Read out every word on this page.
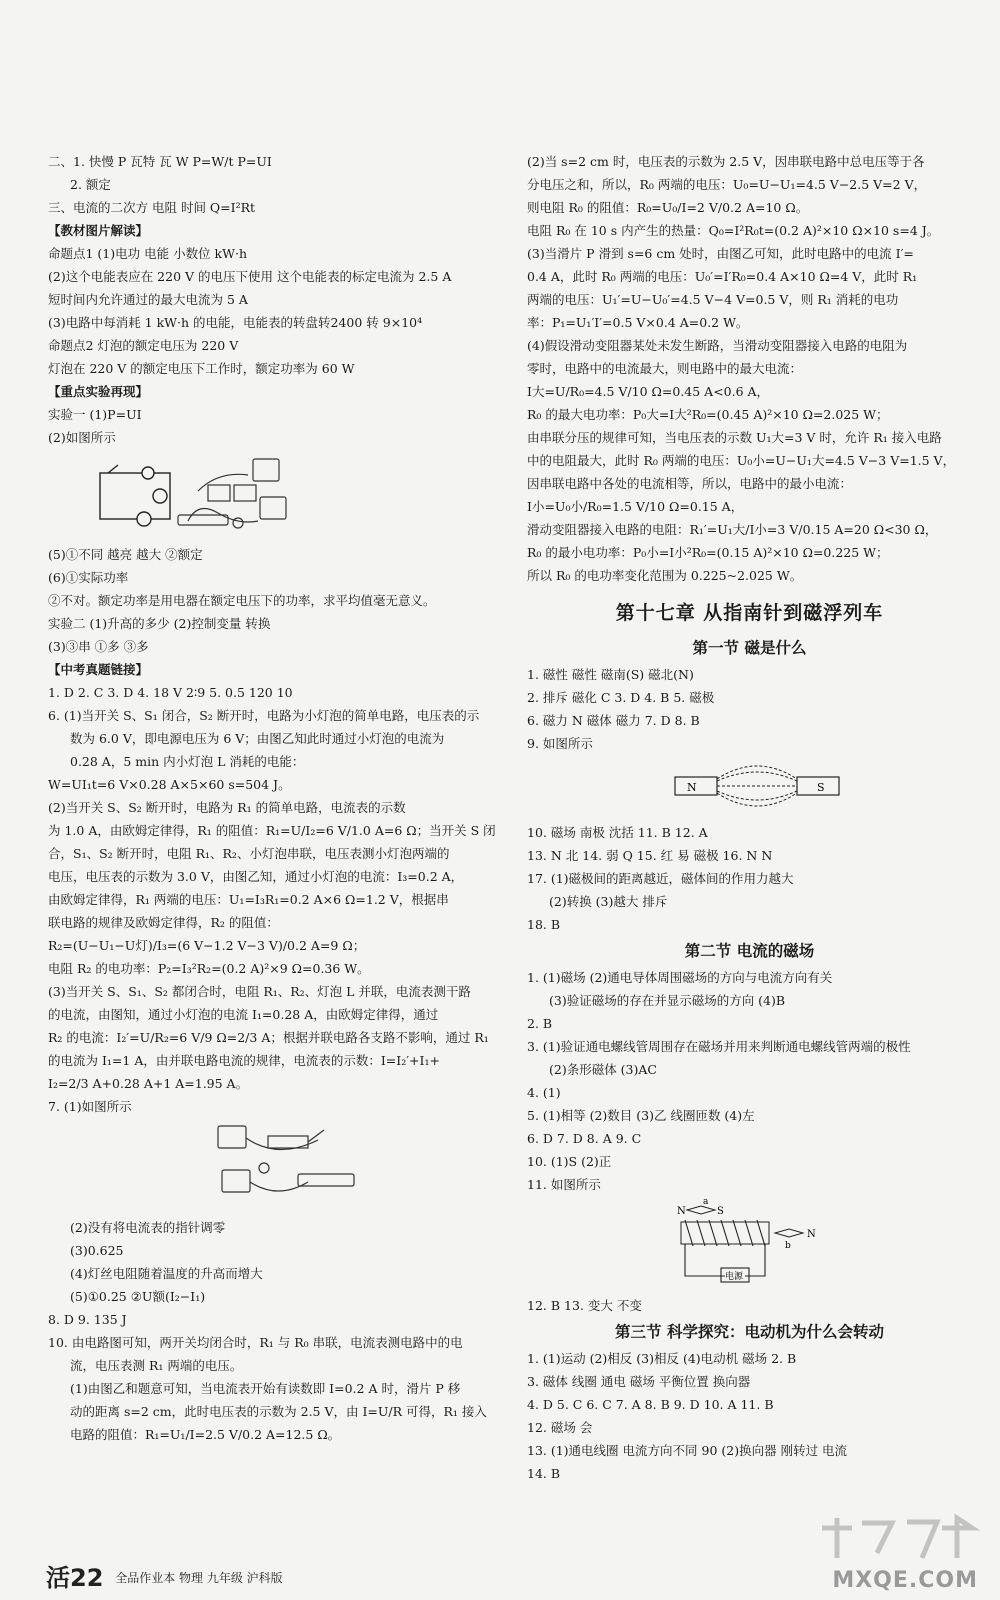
二、1. 快慢 P 瓦特 瓦 W P=W/t P=UI
2. 额定
三、电流的二次方 电阻 时间 Q=I²Rt
【教材图片解读】
命题点1 (1)电功 电能 小数位 kW·h
(2)这个电能表应在 220 V 的电压下使用 这个电能表的标定电流为 2.5 A
短时间内允许通过的最大电流为 5 A
(3)电路中每消耗 1 kW·h 的电能，电能表的转盘转2400 转 9×10⁴
命题点2 灯泡的额定电压为 220 V
灯泡在 220 V 的额定电压下工作时，额定功率为 60 W
【重点实验再现】
实验一 (1)P=UI
(2)如图所示
(5)①不同 越亮 越大 ②额定
(6)①实际功率
②不对。额定功率是用电器在额定电压下的功率，求平均值毫无意义。
实验二 (1)升高的多少 (2)控制变量 转换
(3)③串 ①多 ③多
【中考真题链接】
1. D 2. C 3. D 4. 18 V 2∶9 5. 0.5 120 10
6. (1)当开关 S、S₁ 闭合，S₂ 断开时，电路为小灯泡的简单电路，电压表的示
数为 6.0 V，即电源电压为 6 V；由图乙知此时通过小灯泡的电流为
0.28 A，5 min 内小灯泡 L 消耗的电能：
W=UI₁t=6 V×0.28 A×5×60 s=504 J。
(2)当开关 S、S₂ 断开时，电路为 R₁ 的简单电路，电流表的示数
为 1.0 A，由欧姆定律得，R₁ 的阻值：R₁=U/I₂=6 V/1.0 A=6 Ω；当开关 S 闭
合，S₁、S₂ 断开时，电阻 R₁、R₂、小灯泡串联，电压表测小灯泡两端的
电压，电压表的示数为 3.0 V，由图乙知，通过小灯泡的电流：I₃=0.2 A，
由欧姆定律得，R₁ 两端的电压：U₁=I₃R₁=0.2 A×6 Ω=1.2 V，根据串
联电路的规律及欧姆定律得，R₂ 的阻值：
R₂=(U−U₁−U灯)/I₃=(6 V−1.2 V−3 V)/0.2 A=9 Ω；
电阻 R₂ 的电功率：P₂=I₃²R₂=(0.2 A)²×9 Ω=0.36 W。
(3)当开关 S、S₁、S₂ 都闭合时，电阻 R₁、R₂、灯泡 L 并联，电流表测干路
的电流，由图知，通过小灯泡的电流 I₁=0.28 A，由欧姆定律得，通过
R₂ 的电流：I₂′=U/R₂=6 V/9 Ω=2/3 A；根据并联电路各支路不影响，通过 R₁
的电流为 I₁=1 A，由并联电路电流的规律，电流表的示数：I=I₂′+I₁+
I₂=2/3 A+0.28 A+1 A=1.95 A。
7. (1)如图所示
(2)没有将电流表的指针调零
(3)0.625
(4)灯丝电阻随着温度的升高而增大
(5)①0.25 ②U额(I₂−I₁)
8. D 9. 135 J
10. 由电路图可知，两开关均闭合时，R₁ 与 R₀ 串联，电流表测电路中的电
流，电压表测 R₁ 两端的电压。
(1)由图乙和题意可知，当电流表开始有读数即 I=0.2 A 时，滑片 P 移
动的距离 s=2 cm，此时电压表的示数为 2.5 V，由 I=U/R 可得，R₁ 接入
电路的阻值：R₁=U₁/I=2.5 V/0.2 A=12.5 Ω。
(2)当 s=2 cm 时，电压表的示数为 2.5 V，因串联电路中总电压等于各
分电压之和，所以，R₀ 两端的电压：U₀=U−U₁=4.5 V−2.5 V=2 V，
则电阻 R₀ 的阻值：R₀=U₀/I=2 V/0.2 A=10 Ω。
电阻 R₀ 在 10 s 内产生的热量：Q₀=I²R₀t=(0.2 A)²×10 Ω×10 s=4 J。
(3)当滑片 P 滑到 s=6 cm 处时，由图乙可知，此时电路中的电流 I′=
0.4 A，此时 R₀ 两端的电压：U₀′=I′R₀=0.4 A×10 Ω=4 V，此时 R₁
两端的电压：U₁′=U−U₀′=4.5 V−4 V=0.5 V，则 R₁ 消耗的电功
率：P₁=U₁′I′=0.5 V×0.4 A=0.2 W。
(4)假设滑动变阻器某处未发生断路，当滑动变阻器接入电路的电阻为
零时，电路中的电流最大，则电路中的最大电流：
I大=U/R₀=4.5 V/10 Ω=0.45 A<0.6 A，
R₀ 的最大电功率：P₀大=I大²R₀=(0.45 A)²×10 Ω=2.025 W；
由串联分压的规律可知，当电压表的示数 U₁大=3 V 时，允许 R₁ 接入电路
中的电阻最大，此时 R₀ 两端的电压：U₀小=U−U₁大=4.5 V−3 V=1.5 V，
因串联电路中各处的电流相等，所以，电路中的最小电流：
I小=U₀小/R₀=1.5 V/10 Ω=0.15 A，
滑动变阻器接入电路的电阻：R₁′=U₁大/I小=3 V/0.15 A=20 Ω<30 Ω，
R₀ 的最小电功率：P₀小=I小²R₀=(0.15 A)²×10 Ω=0.225 W；
所以 R₀ 的电功率变化范围为 0.225~2.025 W。
第十七章 从指南针到磁浮列车
第一节 磁是什么
1. 磁性 磁性 磁南(S) 磁北(N)
2. 排斥 磁化 C 3. D 4. B 5. 磁极
6. 磁力 N 磁体 磁力 7. D 8. B
9. 如图所示
N	S
10. 磁场 南极 沈括 11. B 12. A
13. N 北 14. 弱 Q 15. 红 易 磁极 16. N N
17. (1)磁极间的距离越近，磁体间的作用力越大
(2)转换 (3)越大 排斥
18. B
第二节 电流的磁场
1. (1)磁场 (2)通电导体周围磁场的方向与电流方向有关
(3)验证磁场的存在并显示磁场的方向 (4)B
2. B
3. (1)验证通电螺线管周围存在磁场并用来判断通电螺线管两端的极性
(2)条形磁体 (3)AC
4. (1)
5. (1)相等 (2)数目 (3)乙 线圈匝数 (4)左
6. D 7. D 8. A 9. C
10. (1)S (2)正
11. 如图所示
N
a
S
电源
N
b
12. B 13. 变大 不变
第三节 科学探究：电动机为什么会转动
1. (1)运动 (2)相反 (3)相反 (4)电动机 磁场 2. B
3. 磁体 线圈 通电 磁场 平衡位置 换向器
4. D 5. C 6. C 7. A 8. B 9. D 10. A 11. B
12. 磁场 会
13. (1)通电线圈 电流方向不同 90 (2)换向器 刚转过 电流
14. B
活22 全品作业本 物理 九年级 沪科版	MXQE.COM
